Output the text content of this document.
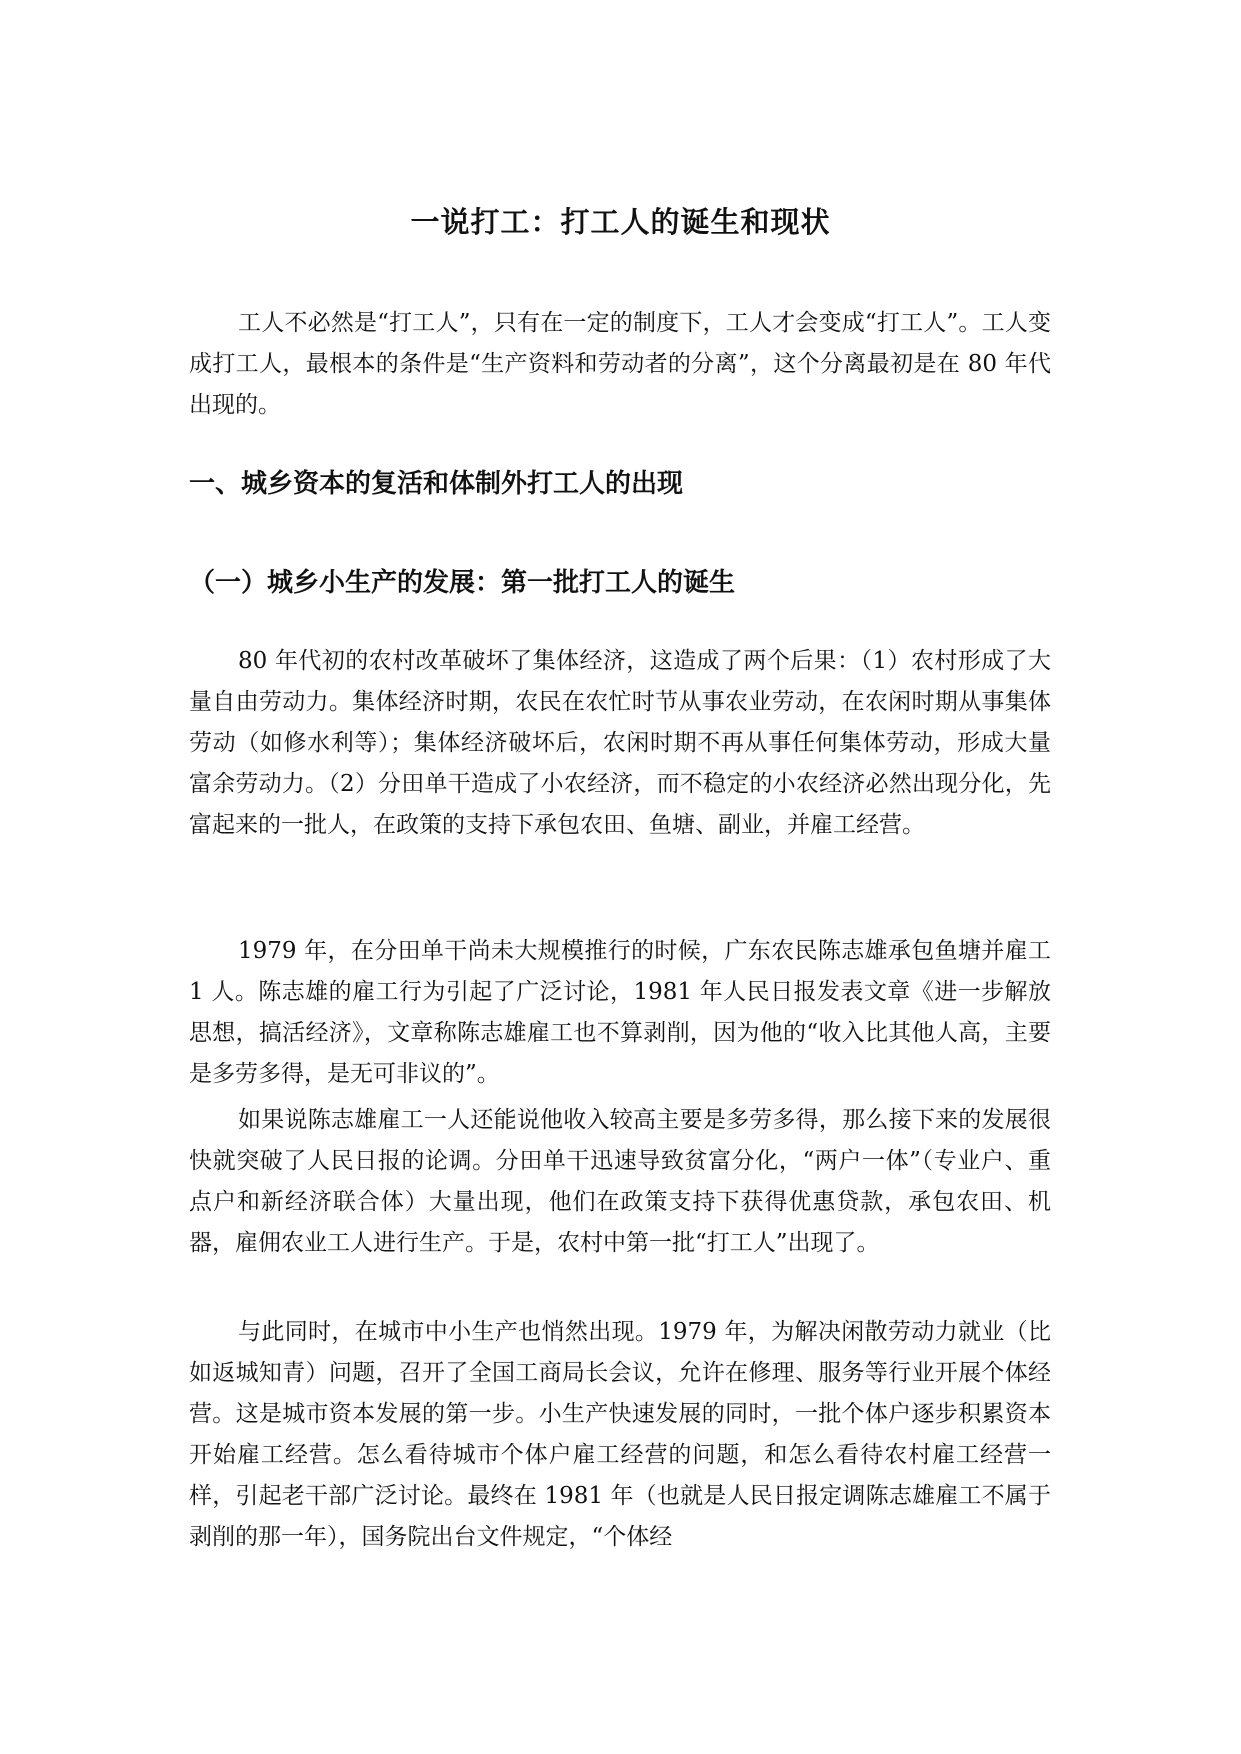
一说打工：打工人的诞生和现状

工人不必然是“打工人”，只有在一定的制度下，工人才会变成“打工人”。工人变成打工人，最根本的条件是“生产资料和劳动者的分离”，这个分离最初是在 80 年代出现的。

一、城乡资本的复活和体制外打工人的出现
（一）城乡小生产的发展：第一批打工人的诞生

80 年代初的农村改革破坏了集体经济，这造成了两个后果：（1）农村形成了大量自由劳动力。集体经济时期，农民在农忙时节从事农业劳动，在农闲时期从事集体劳动（如修水利等）；集体经济破坏后，农闲时期不再从事任何集体劳动，形成大量富余劳动力。（2）分田单干造成了小农经济，而不稳定的小农经济必然出现分化，先富起来的一批人，在政策的支持下承包农田、鱼塘、副业，并雇工经营。

1979 年，在分田单干尚未大规模推行的时候，广东农民陈志雄承包鱼塘并雇工 1 人。陈志雄的雇工行为引起了广泛讨论，1981 年人民日报发表文章《进一步解放思想，搞活经济》，文章称陈志雄雇工也不算剥削，因为他的“收入比其他人高，主要是多劳多得，是无可非议的”。

如果说陈志雄雇工一人还能说他收入较高主要是多劳多得，那么接下来的发展很快就突破了人民日报的论调。分田单干迅速导致贫富分化，“两户一体”（专业户、重点户和新经济联合体）大量出现，他们在政策支持下获得优惠贷款，承包农田、机器，雇佣农业工人进行生产。于是，农村中第一批“打工人”出现了。

与此同时，在城市中小生产也悄然出现。1979 年，为解决闲散劳动力就业（比如返城知青）问题，召开了全国工商局长会议，允许在修理、服务等行业开展个体经营。这是城市资本发展的第一步。小生产快速发展的同时，一批个体户逐步积累资本开始雇工经营。怎么看待城市个体户雇工经营的问题，和怎么看待农村雇工经营一样，引起老干部广泛讨论。最终在 1981 年（也就是人民日报定调陈志雄雇工不属于剥削的那一年），国务院出台文件规定，“个体经
